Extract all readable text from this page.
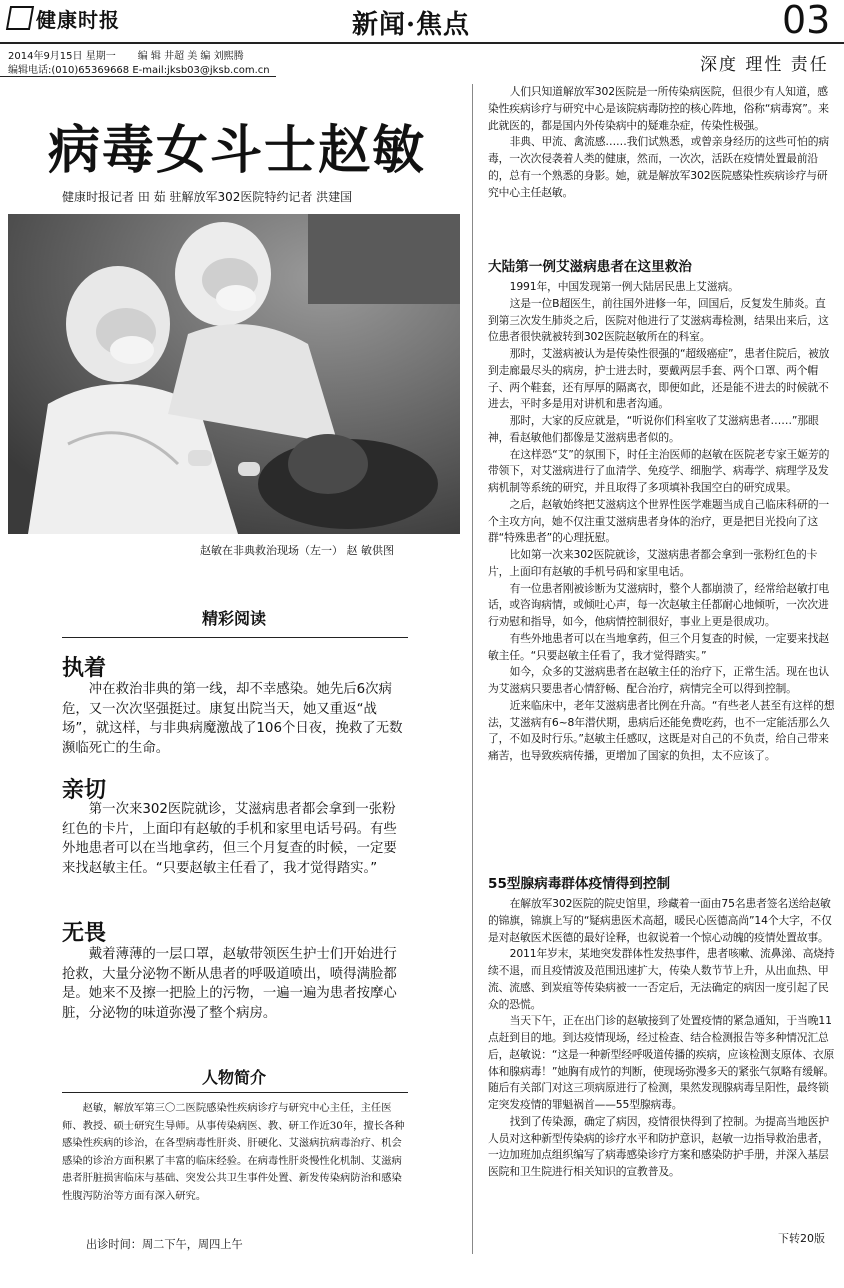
健康时报	新闻·焦点	03
2014年9月15日 星期一 编 辑 井超 美 编 刘熙腾
编辑电话:(010)65369668 E-mail:jksb03@jksb.com.cn	深度 理性 责任
病毒女斗士赵敏
健康时报记者 田 茹 驻解放军302医院特约记者 洪建国
赵敏在非典救治现场（左一） 赵 敏供图
精彩阅读
执着

冲在救治非典的第一线，却不幸感染。她先后6次病危，又一次次坚强挺过。康复出院当天，她又重返“战场”，就这样，与非典病魔激战了106个日夜，挽救了无数濒临死亡的生命。

亲切

第一次来302医院就诊，艾滋病患者都会拿到一张粉红色的卡片，上面印有赵敏的手机和家里电话号码。有些外地患者可以在当地拿药，但三个月复查的时候，一定要来找赵敏主任。“只要赵敏主任看了，我才觉得踏实。”

无畏

戴着薄薄的一层口罩，赵敏带领医生护士们开始进行抢救，大量分泌物不断从患者的呼吸道喷出，喷得满脸都是。她来不及擦一把脸上的污物，一遍一遍为患者按摩心脏，分泌物的味道弥漫了整个病房。

人物简介

赵敏，解放军第三〇二医院感染性疾病诊疗与研究中心主任，主任医师、教授、硕士研究生导师。从事传染病医、教、研工作近30年，擅长各种感染性疾病的诊治，在各型病毒性肝炎、肝硬化、艾滋病抗病毒治疗、机会感染的诊治方面积累了丰富的临床经验。在病毒性肝炎慢性化机制、艾滋病患者肝脏损害临床与基础、突发公共卫生事件处置、新发传染病防治和感染性腹泻防治等方面有深入研究。

出诊时间：周二下午，周四上午

人们只知道解放军302医院是一所传染病医院，但很少有人知道，感染性疾病诊疗与研究中心是该院病毒防控的核心阵地，俗称“病毒窝”。来此就医的，都是国内外传染病中的疑难杂症，传染性极强。

非典、甲流、禽流感……我们试熟悉，或曾亲身经历的这些可怕的病毒，一次次侵袭着人类的健康，然而，一次次，活跃在疫情处置最前沿的，总有一个熟悉的身影。她，就是解放军302医院感染性疾病诊疗与研究中心主任赵敏。

大陆第一例艾滋病患者在这里救治

1991年，中国发现第一例大陆居民患上艾滋病。

这是一位B超医生，前往国外进修一年，回国后，反复发生肺炎。直到第三次发生肺炎之后，医院对他进行了艾滋病毒检测，结果出来后，这位患者很快就被转到302医院赵敏所在的科室。

那时，艾滋病被认为是传染性很强的“超级癌症”，患者住院后，被放到走廊最尽头的病房，护士进去时，要戴两层手套、两个口罩、两个帽子、两个鞋套，还有厚厚的隔离衣，即便如此，还是能不进去的时候就不进去，平时多是用对讲机和患者沟通。

那时，大家的反应就是，“听说你们科室收了艾滋病患者……”那眼神，看赵敏他们都像是艾滋病患者似的。

在这样恐“艾”的氛围下，时任主治医师的赵敏在医院老专家王姬芳的带领下，对艾滋病进行了血清学、免疫学、细胞学、病毒学、病理学及发病机制等系统的研究，并且取得了多项填补我国空白的研究成果。

之后，赵敏始终把艾滋病这个世界性医学难题当成自己临床科研的一个主攻方向，她不仅注重艾滋病患者身体的治疗，更是把目光投向了这群“特殊患者”的心理抚慰。

比如第一次来302医院就诊，艾滋病患者都会拿到一张粉红色的卡片，上面印有赵敏的手机号码和家里电话。

有一位患者刚被诊断为艾滋病时，整个人都崩溃了，经常给赵敏打电话，或咨询病情，或倾吐心声，每一次赵敏主任都耐心地倾听，一次次进行劝慰和指导，如今，他病情控制很好，事业上更是很成功。

有些外地患者可以在当地拿药，但三个月复查的时候，一定要来找赵敏主任。“只要赵敏主任看了，我才觉得踏实。”

如今，众多的艾滋病患者在赵敏主任的治疗下，正常生活。现在也认为艾滋病只要患者心情舒畅、配合治疗，病情完全可以得到控制。

近来临床中，老年艾滋病患者比例在升高。“有些老人甚至有这样的想法，艾滋病有6~8年潜伏期，患病后还能免费吃药，也不一定能活那么久了，不如及时行乐。”赵敏主任感叹，这既是对自己的不负责，给自己带来痛苦，也导致疾病传播，更增加了国家的负担，太不应该了。

55型腺病毒群体疫情得到控制

在解放军302医院的院史馆里，珍藏着一面由75名患者签名送给赵敏的锦旗，锦旗上写的“疑病患医术高超，暖民心医德高尚”14个大字，不仅是对赵敏医术医德的最好诠释，也叙说着一个惊心动魄的疫情处置故事。

2011年岁末，某地突发群体性发热事件，患者咳嗽、流鼻涕、高烧持续不退，而且疫情波及范围迅速扩大，传染人数节节上升，从出血热、甲流、流感、到炭疽等传染病被一一否定后，无法确定的病因一度引起了民众的恐慌。

当天下午，正在出门诊的赵敏接到了处置疫情的紧急通知，于当晚11点赶到目的地。到达疫情现场，经过检查、结合检测报告等多种情况汇总后，赵敏说：“这是一种新型经呼吸道传播的疾病，应该检测支原体、衣原体和腺病毒！”她胸有成竹的判断，使现场弥漫多天的紧张气氛略有缓解。随后有关部门对这三项病原进行了检测，果然发现腺病毒呈阳性，最终锁定突发疫情的罪魁祸首——55型腺病毒。

找到了传染源，确定了病因，疫情很快得到了控制。为提高当地医护人员对这种新型传染病的诊疗水平和防护意识，赵敏一边指导救治患者，一边加班加点组织编写了病毒感染诊疗方案和感染防护手册，并深入基层医院和卫生院进行相关知识的宣教普及。

下转20版
